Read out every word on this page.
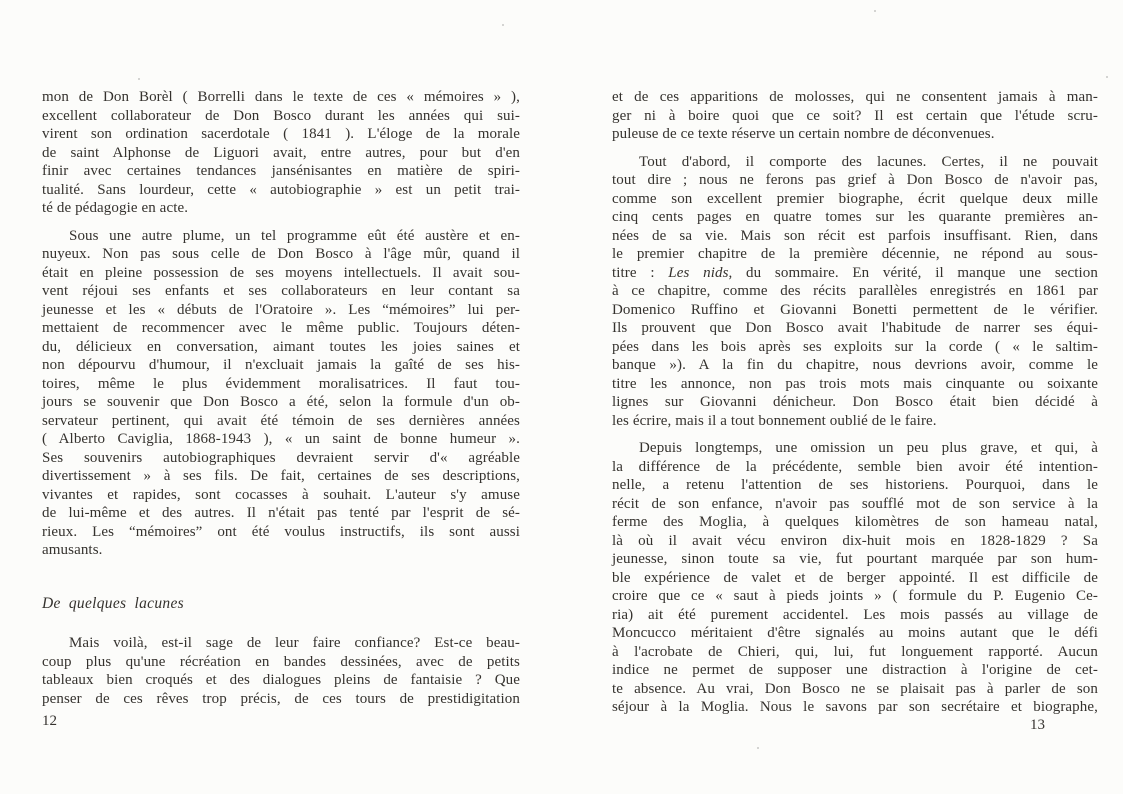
mon de Don Borèl ( Borrelli dans le texte de ces « mémoires » ),
excellent collaborateur de Don Bosco durant les années qui sui-
virent son ordination sacerdotale ( 1841 ). L'éloge de la morale
de saint Alphonse de Liguori avait, entre autres, pour but d'en
finir avec certaines tendances jansénisantes en matière de spiri-
tualité. Sans lourdeur, cette « autobiographie » est un petit trai-
té de pédagogie en acte.
Sous une autre plume, un tel programme eût été austère et en-
nuyeux. Non pas sous celle de Don Bosco à l'âge mûr, quand il
était en pleine possession de ses moyens intellectuels. Il avait sou-
vent réjoui ses enfants et ses collaborateurs en leur contant sa
jeunesse et les « débuts de l'Oratoire ». Les “mémoires” lui per-
mettaient de recommencer avec le même public. Toujours déten-
du, délicieux en conversation, aimant toutes les joies saines et
non dépourvu d'humour, il n'excluait jamais la gaîté de ses his-
toires, même le plus évidemment moralisatrices. Il faut tou-
jours se souvenir que Don Bosco a été, selon la formule d'un ob-
servateur pertinent, qui avait été témoin de ses dernières années
( Alberto Caviglia, 1868-1943 ), « un saint de bonne humeur ».
Ses souvenirs autobiographiques devraient servir d'« agréable
divertissement » à ses fils. De fait, certaines de ses descriptions,
vivantes et rapides, sont cocasses à souhait. L'auteur s'y amuse
de lui-même et des autres. Il n'était pas tenté par l'esprit de sé-
rieux. Les “mémoires” ont été voulus instructifs, ils sont aussi
amusants.
De quelques lacunes
Mais voilà, est-il sage de leur faire confiance? Est-ce beau-
coup plus qu'une récréation en bandes dessinées, avec de petits
tableaux bien croqués et des dialogues pleins de fantaisie ? Que
penser de ces rêves trop précis, de ces tours de prestidigitation
et de ces apparitions de molosses, qui ne consentent jamais à man-
ger ni à boire quoi que ce soit? Il est certain que l'étude scru-
puleuse de ce texte réserve un certain nombre de déconvenues.
Tout d'abord, il comporte des lacunes. Certes, il ne pouvait
tout dire ; nous ne ferons pas grief à Don Bosco de n'avoir pas,
comme son excellent premier biographe, écrit quelque deux mille
cinq cents pages en quatre tomes sur les quarante premières an-
nées de sa vie. Mais son récit est parfois insuffisant. Rien, dans
le premier chapitre de la première décennie, ne répond au sous-
titre : Les nids, du sommaire. En vérité, il manque une section
à ce chapitre, comme des récits parallèles enregistrés en 1861 par
Domenico Ruffino et Giovanni Bonetti permettent de le vérifier.
Ils prouvent que Don Bosco avait l'habitude de narrer ses équi-
pées dans les bois après ses exploits sur la corde ( « le saltim-
banque »). A la fin du chapitre, nous devrions avoir, comme le
titre les annonce, non pas trois mots mais cinquante ou soixante
lignes sur Giovanni dénicheur. Don Bosco était bien décidé à
les écrire, mais il a tout bonnement oublié de le faire.
Depuis longtemps, une omission un peu plus grave, et qui, à
la différence de la précédente, semble bien avoir été intention-
nelle, a retenu l'attention de ses historiens. Pourquoi, dans le
récit de son enfance, n'avoir pas soufflé mot de son service à la
ferme des Moglia, à quelques kilomètres de son hameau natal,
là où il avait vécu environ dix-huit mois en 1828-1829 ? Sa
jeunesse, sinon toute sa vie, fut pourtant marquée par son hum-
ble expérience de valet et de berger appointé. Il est difficile de
croire que ce « saut à pieds joints » ( formule du P. Eugenio Ce-
ria) ait été purement accidentel. Les mois passés au village de
Moncucco méritaient d'être signalés au moins autant que le défi
à l'acrobate de Chieri, qui, lui, fut longuement rapporté. Aucun
indice ne permet de supposer une distraction à l'origine de cet-
te absence. Au vrai, Don Bosco ne se plaisait pas à parler de son
séjour à la Moglia. Nous le savons par son secrétaire et biographe,
12	13
